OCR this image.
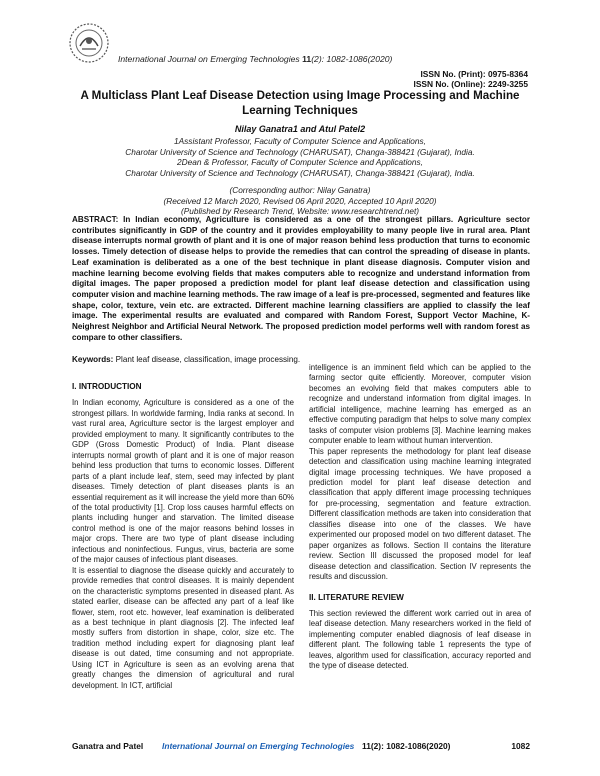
International Journal on Emerging Technologies 11(2): 1082-1086(2020)
ISSN No. (Print): 0975-8364
ISSN No. (Online): 2249-3255
A Multiclass Plant Leaf Disease Detection using Image Processing and Machine Learning Techniques
Nilay Ganatra1 and Atul Patel2
1Assistant Professor, Faculty of Computer Science and Applications,
Charotar University of Science and Technology (CHARUSAT), Changa-388421 (Gujarat), India.
2Dean & Professor, Faculty of Computer Science and Applications,
Charotar University of Science and Technology (CHARUSAT), Changa-388421 (Gujarat), India.
(Corresponding author: Nilay Ganatra)
(Received 12 March 2020, Revised 06 April 2020, Accepted 10 April 2020)
(Published by Research Trend, Website: www.researchtrend.net)
ABSTRACT: In Indian economy, Agriculture is considered as a one of the strongest pillars. Agriculture sector contributes significantly in GDP of the country and it provides employability to many people live in rural area. Plant disease interrupts normal growth of plant and it is one of major reason behind less production that turns to economic losses. Timely detection of disease helps to provide the remedies that can control the spreading of disease in plants. Leaf examination is deliberated as a one of the best technique in plant disease diagnosis. Computer vision and machine learning become evolving fields that makes computers able to recognize and understand information from digital images. The paper proposed a prediction model for plant leaf disease detection and classification using computer vision and machine learning methods. The raw image of a leaf is pre-processed, segmented and features like shape, color, texture, vein etc. are extracted. Different machine learning classifiers are applied to classify the leaf image. The experimental results are evaluated and compared with Random Forest, Support Vector Machine, K-Neighrest Neighbor and Artificial Neural Network. The proposed prediction model performs well with random forest as compare to other classifiers.
Keywords: Plant leaf disease, classification, image processing.
I. INTRODUCTION

In Indian economy, Agriculture is considered as a one of the strongest pillars. In worldwide farming, India ranks at second. In vast rural area, Agriculture sector is the largest employer and provided employment to many. It significantly contributes to the GDP (Gross Domestic Product) of India. Plant disease interrupts normal growth of plant and it is one of major reason behind less production that turns to economic losses. Different parts of a plant include leaf, stem, seed may infected by plant diseases. Timely detection of plant diseases plants is an essential requirement as it will increase the yield more than 60% of the total productivity [1]. Crop loss causes harmful effects on plants including hunger and starvation. The limited disease control method is one of the major reasons behind losses in major crops. There are two type of plant disease including infectious and noninfectious. Fungus, virus, bacteria are some of the major causes of infectious plant diseases.

It is essential to diagnose the disease quickly and accurately to provide remedies that control diseases. It is mainly dependent on the characteristic symptoms presented in diseased plant. As stated earlier, disease can be affected any part of a leaf like flower, stem, root etc. however, leaf examination is deliberated as a best technique in plant diagnosis [2]. The infected leaf mostly suffers from distortion in shape, color, size etc. The tradition method including expert for diagnosing plant leaf disease is out dated, time consuming and not appropriate. Using ICT in Agriculture is seen as an evolving arena that greatly changes the dimension of agricultural and rural development. In ICT, artificial

intelligence is an imminent field which can be applied to the farming sector quite efficiently. Moreover, computer vision becomes an evolving field that makes computers able to recognize and understand information from digital images. In artificial intelligence, machine learning has emerged as an effective computing paradigm that helps to solve many complex tasks of computer vision problems [3]. Machine learning makes computer enable to learn without human intervention.

This paper represents the methodology for plant leaf disease detection and classification using machine learning integrated digital image processing techniques. We have proposed a prediction model for plant leaf disease detection and classification that apply different image processing techniques for pre-processing, segmentation and feature extraction. Different classification methods are taken into consideration that classifies disease into one of the classes. We have experimented our proposed model on two different dataset. The paper organizes as follows. Section II contains the literature review. Section III discussed the proposed model for leaf disease detection and classification. Section IV represents the results and discussion.

II. LITERATURE REVIEW

This section reviewed the different work carried out in area of leaf disease detection. Many researchers worked in the field of implementing computer enabled diagnosis of leaf disease in different plant. The following table 1 represents the type of leaves, algorithm used for classification, accuracy reported and the type of disease detected.

Ganatra and Patel International Journal on Emerging Technologies 11(2): 1082-1086(2020)	1082
